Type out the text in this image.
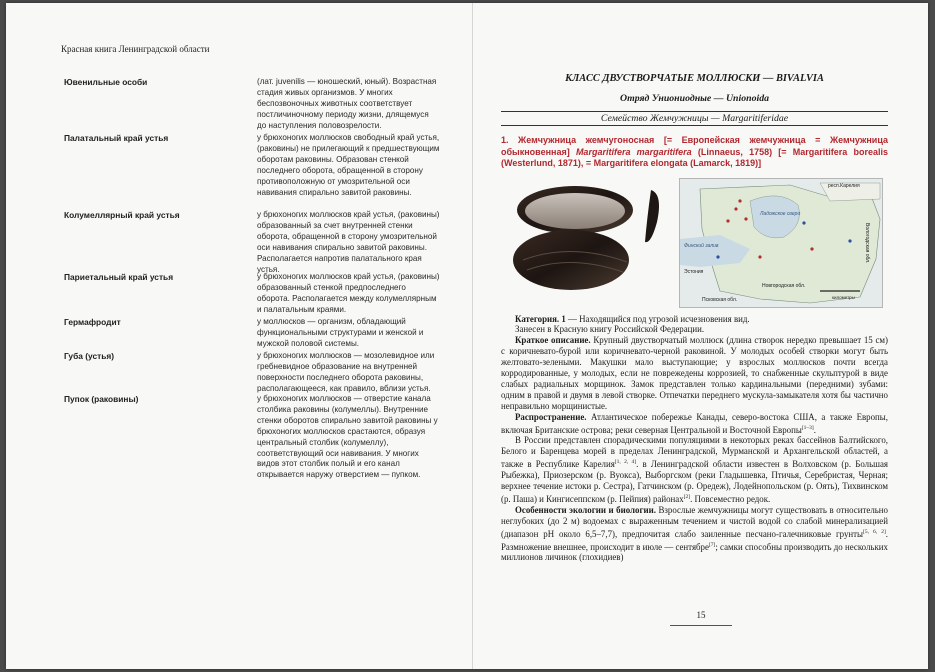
Красная книга Ленинградской области
Ювенильные особи	(лат. juvenilis — юношеский, юный). Возрастная стадия живых организмов. У многих беспозвоночных животных соответствует постличиночному периоду жизни, длящемуся до наступления половозрелости.
Палатальный край устья	у брюхоногих моллюсков свободный край устья, (раковины) не прилегающий к предшествующим оборотам раковины. Образован стенкой последнего оборота, обращенной в сторону противоположную от умозрительной оси навивания спирально завитой раковины.
Колумеллярный край устья	у брюхоногих моллюсков край устья, (раковины) образованный за счет внутренней стенки оборота, обращенной в сторону умозрительной оси навивания спирально завитой раковины. Располагается напротив палатального края устья.
Париетальный край устья	у брюхоногих моллюсков край устья, (раковины) образованный стенкой предпоследнего оборота. Располагается между колумеллярным и палатальным краями.
Гермафродит	у моллюсков — организм, обладающий функциональными структурами и женской и мужской половой системы.
Губа (устья)	у брюхоногих моллюсков — мозолевидное или гребневидное образование на внутренней поверхности последнего оборота раковины, располагающееся, как правило, вблизи устья.
Пупок (раковины)	у брюхоногих моллюсков — отверстие канала столбика раковины (колумеллы). Внутренние стенки оборотов спирально завитой раковины у брюхоногих моллюсков срастаются, образуя центральный столбик (колумеллу), соответствующий оси навивания. У многих видов этот столбик полый и его канал открывается наружу отверстием — пупком.
КЛАСС ДВУСТВОРЧАТЫЕ МОЛЛЮСКИ — BIVALVIA
Отряд Униониодные — Unionoida
Семейство Жемчужницы — Margaritiferidae
1. Жемчужница жемчугоносная [= Европейская жемчужница = Жемчужница обыкновенная] Margaritifera margaritifera (Linnaeus, 1758) [= Margaritifera borealis (Westerlund, 1871), = Margaritifera elongata (Lamarck, 1819)]
респ.Карелия
Ладожское озеро
Финский залив
Эстония
Новгородская обл.
Псковская обл.
Вологодская обл.
километры

Категория. 1 — Находящийся под угрозой исчезновения вид.

Занесен в Красную книгу Российской Федерации.

Краткое описание. Крупный двустворчатый моллюск (длина створок нередко превышает 15 см) с коричневато-бурой или коричневато-черной раковиной. У молодых особей створки могут быть желтовато-зелеными. Макушки мало выступающие; у взрослых моллюсков почти всегда корродированные, у молодых, если не поврежедены коррозией, то снабженные скульптурой в виде слабых радиальных морщинок. Замок представлен только кардинальными (передними) зубами: одним в правой и двумя в левой створке. Отпечатки переднего мускула-замыкателя хотя бы частично неправильно морщинистые.

Распространение. Атлантическое побережье Канады, северо-востока США, а также Европы, включая Британские острова; реки северная Центральной и Восточной Европы[1–3].

В России представлен спорадическими популяциями в некоторых реках бассейнов Балтийского, Белого и Баренцева морей в пределах Ленинградской, Мурманской и Архангельской областей, а также в Республике Карелия[1, 2, 4]. в Ленинградской области известен в Волховском (р. Большая Рыбежка), Приозерском (р. Вуокса), Выборгском (реки Гладышевка, Птичья, Серебристая, Черная; верхнее течение истоки р. Сестра), Гатчинском (р. Оредеж), Лодейнопольском (р. Оять), Тихвинском (р. Паша) и Кингисеппском (р. Пейпия) районах[2]. Повсеместно редок.

Особенности экологии и биологии. Взрослые жемчужницы могут существовать в относительно неглубоких (до 2 м) водоемах с выраженным течением и чистой водой со слабой минерализацией (диапазон pH около 6,5–7,7), предпочитая слабо заиленные песчано-галечниковые грунты[5, 6, 2]. Размножение внешнее, происходит в июле — сентябре[7]; самки способны производить до нескольких миллионов личинок (глохидиев)

15
